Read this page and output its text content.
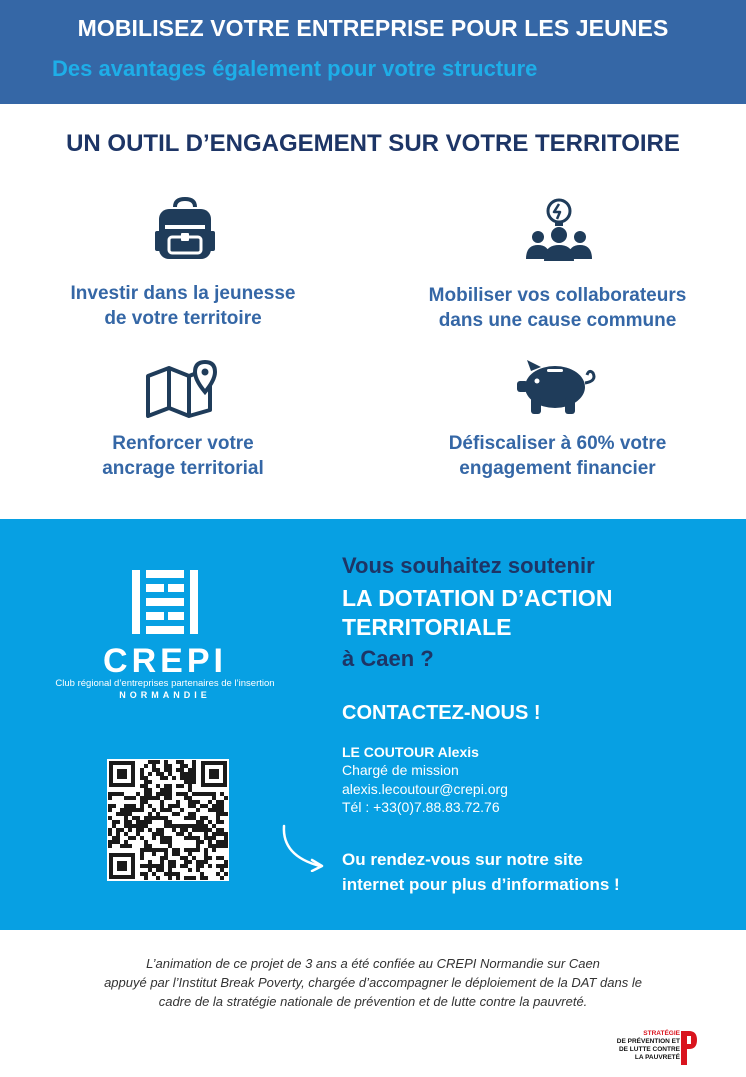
MOBILISEZ VOTRE ENTREPRISE POUR LES JEUNES
Des avantages également pour votre structure
UN OUTIL D’ENGAGEMENT SUR VOTRE TERRITOIRE
Investir dans la jeunesse
de votre territoire
Mobiliser vos collaborateurs
dans une cause commune
Renforcer votre
ancrage territorial
Défiscaliser à 60% votre
engagement financier
CREPI
Club régional d’entreprises partenaires de l’insertion
NORMANDIE
Vous souhaitez soutenir
LA DOTATION D’ACTION
TERRITORIALE
à Caen ?
CONTACTEZ-NOUS !
LE COUTOUR Alexis
Chargé de mission
alexis.lecoutour@crepi.org
Tél : +33(0)7.88.83.72.76
Ou rendez-vous sur notre site
internet pour plus d’informations !
L’animation de ce projet de 3 ans a été confiée au CREPI Normandie sur Caen
appuyé par l’Institut Break Poverty, chargée d’accompagner le déploiement de la DAT dans le
cadre de la stratégie nationale de prévention et de lutte contre la pauvreté.
STRATÉGIE
DE PRÉVENTION ET
DE LUTTE CONTRE
LA PAUVRETÉ
